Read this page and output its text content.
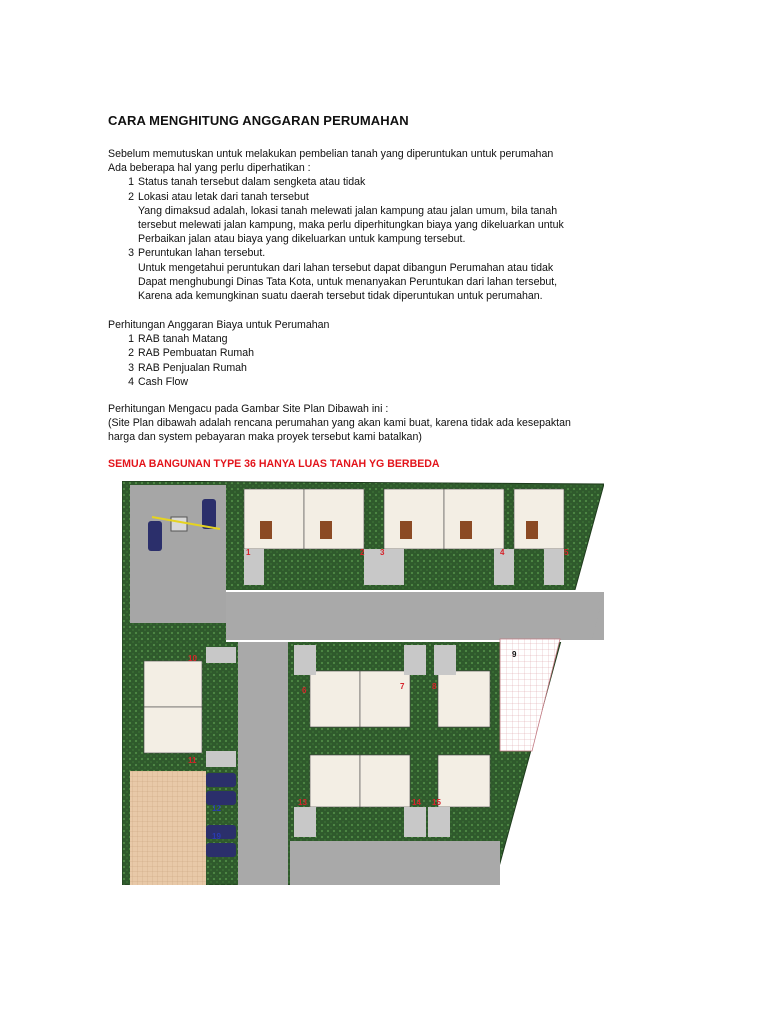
CARA MENGHITUNG ANGGARAN PERUMAHAN
Sebelum memutuskan untuk melakukan pembelian tanah yang diperuntukan untuk perumahan
Ada beberapa hal yang perlu diperhatikan :
1 Status tanah tersebut dalam sengketa atau tidak
2 Lokasi atau letak dari tanah tersebut
Yang dimaksud adalah, lokasi tanah melewati jalan kampung atau jalan umum, bila tanah
tersebut melewati jalan kampung, maka perlu diperhitungkan biaya yang dikeluarkan untuk
Perbaikan jalan atau biaya yang dikeluarkan untuk kampung tersebut.
3 Peruntukan lahan tersebut.
Untuk mengetahui peruntukan dari lahan tersebut dapat dibangun Perumahan atau tidak
Dapat menghubungi Dinas Tata Kota, untuk menanyakan Peruntukan dari lahan tersebut,
Karena ada kemungkinan suatu daerah tersebut tidak diperuntukan untuk perumahan.
Perhitungan Anggaran Biaya untuk Perumahan
1 RAB tanah Matang
2 RAB Pembuatan Rumah
3 RAB Penjualan Rumah
4 Cash Flow
Perhitungan Mengacu pada Gambar Site Plan Dibawah ini :
(Site Plan dibawah adalah rencana perumahan yang akan kami buat, karena tidak ada kesepaktan
harga dan system pebayaran maka proyek tersebut kami batalkan)
SEMUA BANGUNAN TYPE 36 HANYA LUAS TANAH YG BERBEDA
1	2 3	4	5
6	7	8
9
10
11
12
13	14 15
19
